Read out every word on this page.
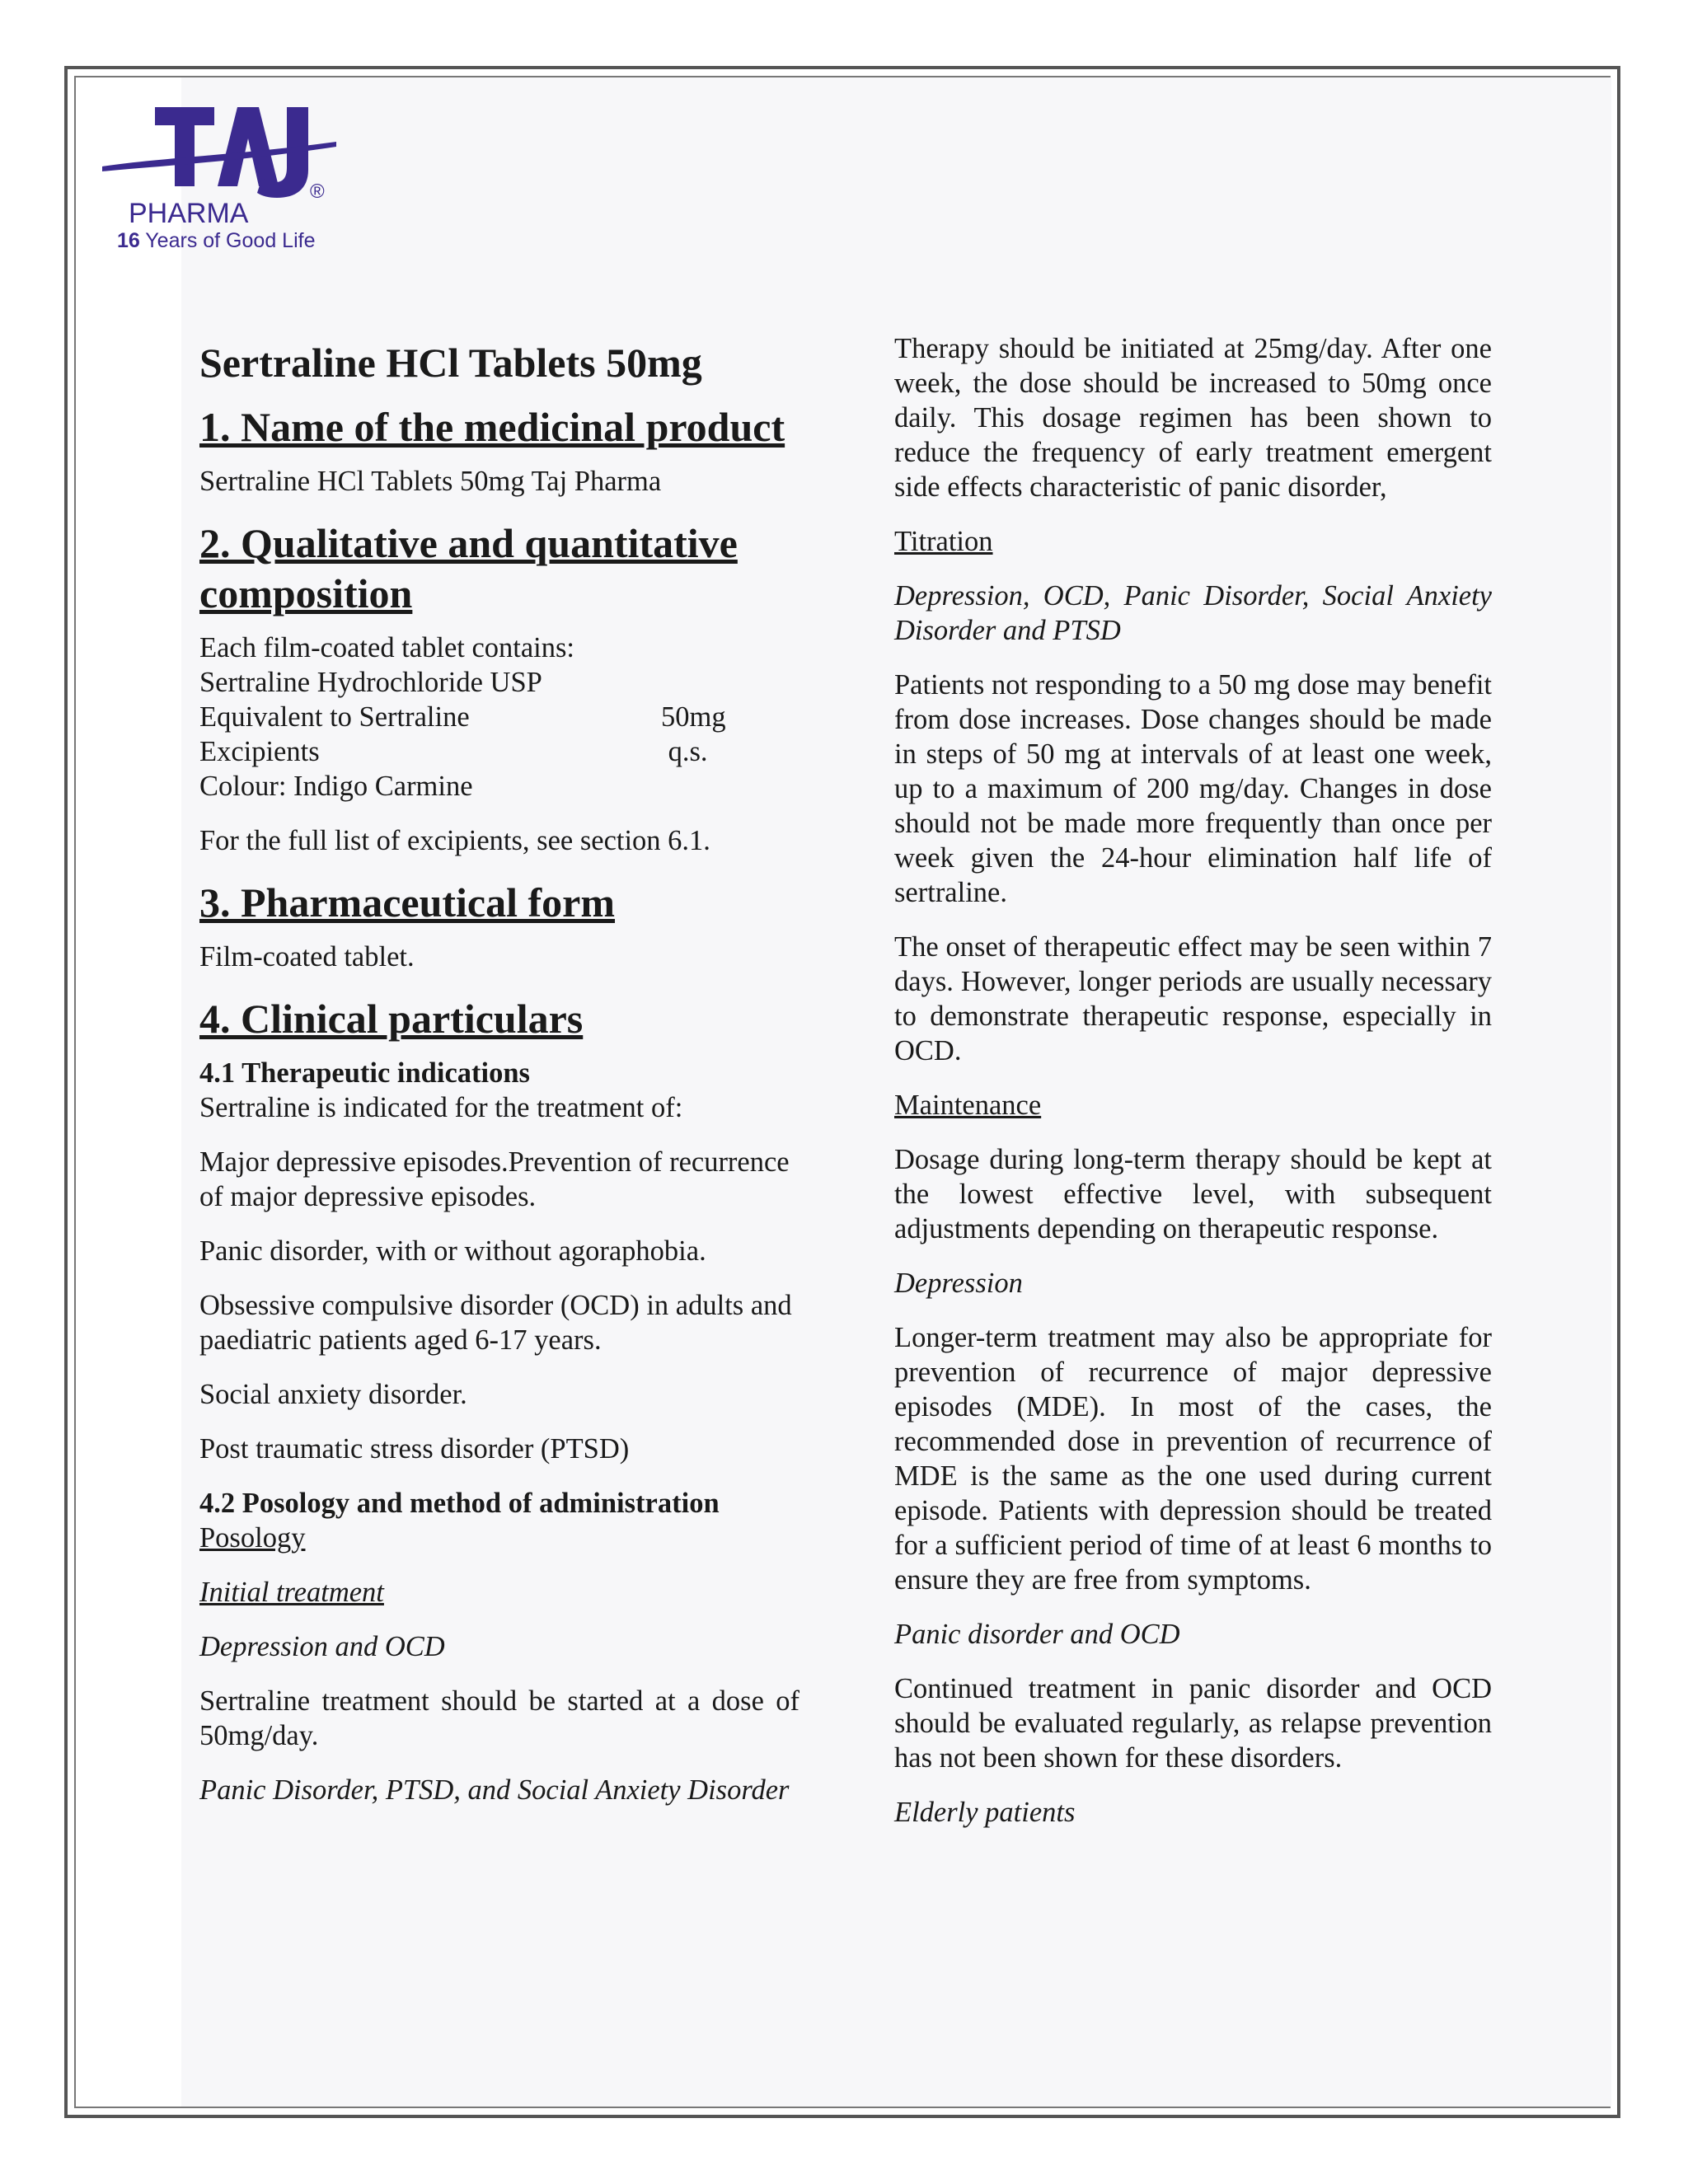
PHARMA
®
16 Years of Good Life
Sertraline HCl Tablets 50mg
1. Name of the medicinal product

Sertraline HCl Tablets 50mg Taj Pharma

2. Qualitative and quantitative composition
Each film-coated tablet contains:
Sertraline Hydrochloride USP
Equivalent to Sertraline	50mg
Excipients	q.s.
Colour: Indigo Carmine

For the full list of excipients, see section 6.1.

3. Pharmaceutical form

Film-coated tablet.

4. Clinical particulars
4.1 Therapeutic indications

Sertraline is indicated for the treatment of:

Major depressive episodes.Prevention of recurrence of major depressive episodes.

Panic disorder, with or without agoraphobia.

Obsessive compulsive disorder (OCD) in adults and paediatric patients aged 6-17 years.

Social anxiety disorder.

Post traumatic stress disorder (PTSD)

4.2 Posology and method of administration

Posology

Initial treatment

Depression and OCD

Sertraline treatment should be started at a dose of 50mg/day.

Panic Disorder, PTSD, and Social Anxiety Disorder

Therapy should be initiated at 25mg/day. After one week, the dose should be increased to 50mg once daily. This dosage regimen has been shown to reduce the frequency of early treatment emergent side effects characteristic of panic disorder,

Titration

Depression, OCD, Panic Disorder, Social Anxiety Disorder and PTSD

Patients not responding to a 50 mg dose may benefit from dose increases. Dose changes should be made in steps of 50 mg at intervals of at least one week, up to a maximum of 200 mg/day. Changes in dose should not be made more frequently than once per week given the 24-hour elimination half life of sertraline.

The onset of therapeutic effect may be seen within 7 days. However, longer periods are usually necessary to demonstrate therapeutic response, especially in OCD.

Maintenance

Dosage during long-term therapy should be kept at the lowest effective level, with subsequent adjustments depending on therapeutic response.

Depression

Longer-term treatment may also be appropriate for prevention of recurrence of major depressive episodes (MDE). In most of the cases, the recommended dose in prevention of recurrence of MDE is the same as the one used during current episode. Patients with depression should be treated for a sufficient period of time of at least 6 months to ensure they are free from symptoms.

Panic disorder and OCD

Continued treatment in panic disorder and OCD should be evaluated regularly, as relapse prevention has not been shown for these disorders.

Elderly patients
